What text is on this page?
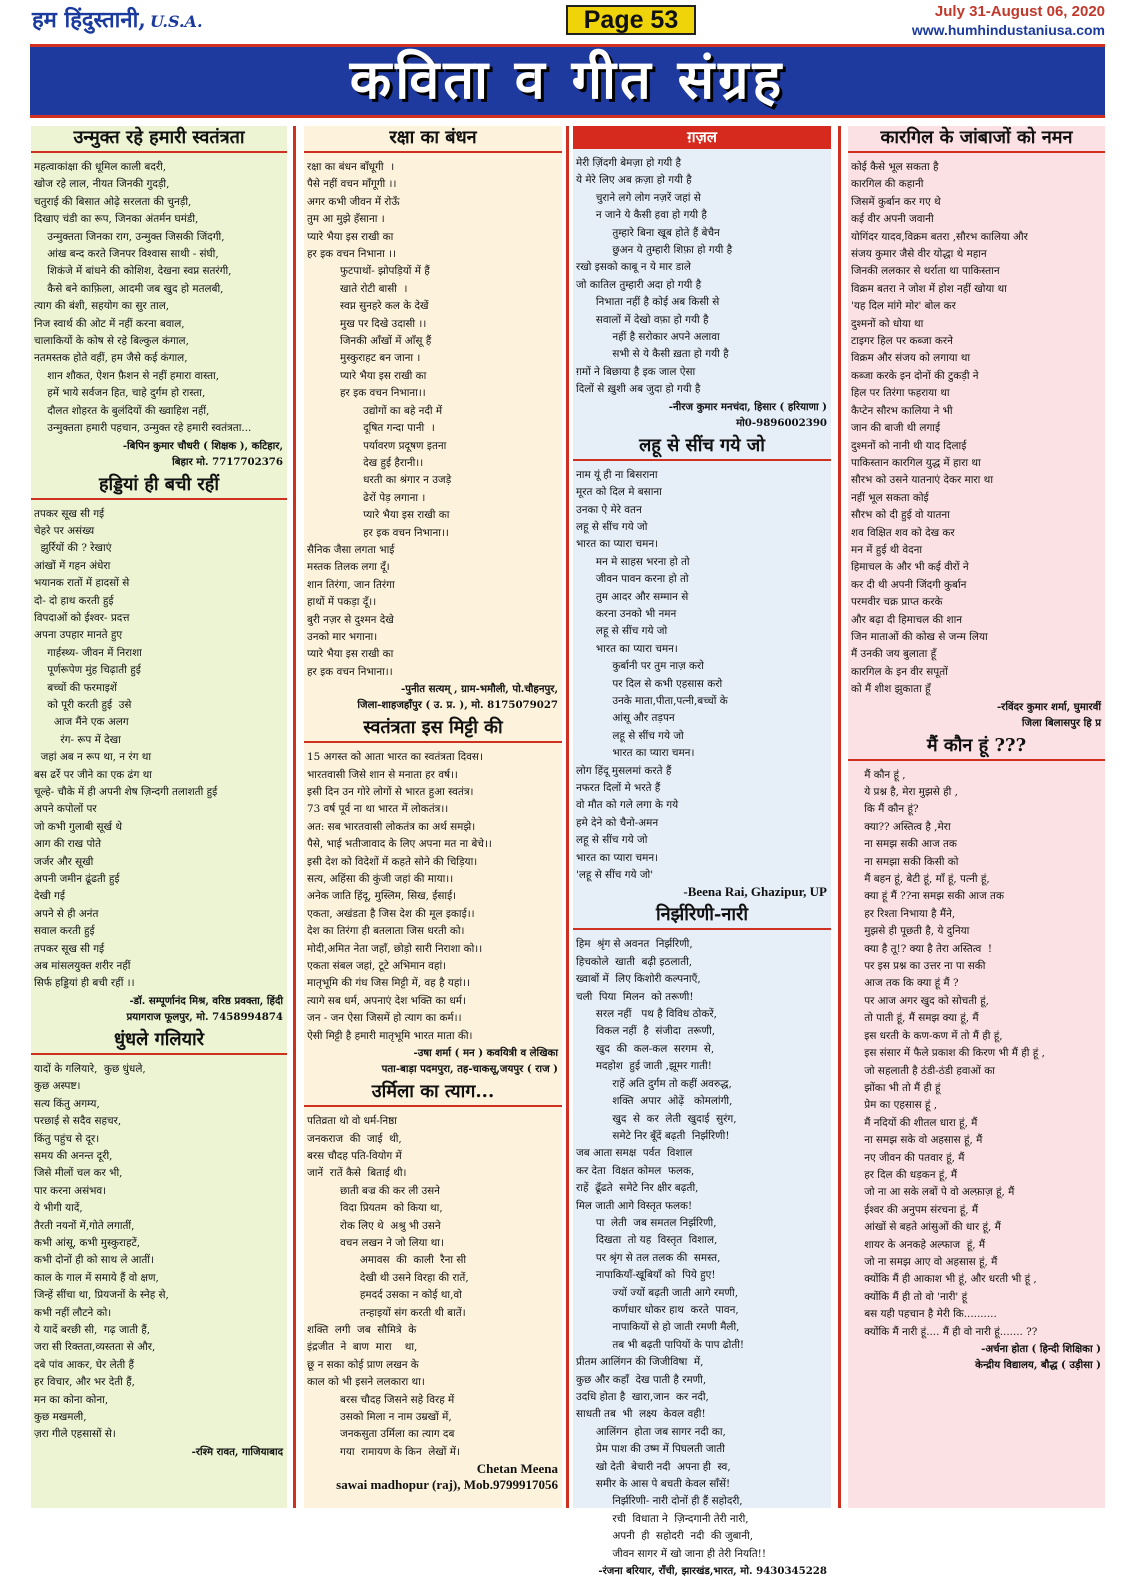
हम हिंदुस्तानी, U.S.A.	Page 53	July 31-August 06, 2020
www.humhindustaniusa.com
कविता व गीत संग्रह
उन्मुक्त रहे हमारी स्वतंत्रता
महत्वाकांक्षा की धूमिल काली बदरी,
खोज रहे लाल, नीयत जिनकी गुदड़ी,
चतुराई की बिसात ओढ़े सरलता की चुनड़ी,
दिखाए चंडी का रूप, जिनका अंतर्मन घमंडी,
उन्मुक्तता जिनका राग, उन्मुक्त जिसकी जिंदगी,
आंख बन्द करते जिनपर विश्वास साथी - संघी,
शिकंजे में बांधने की कोशिश, देखना स्वप्न सतरंगी,
कैसे बने काफ़िला, आदमी जब खुद हो मतलबी,
त्याग की बंशी, सहयोग का सुर ताल,
निज स्वार्थ की ओट में नहीं करना बवाल,
चालाकियों के कोष से रहे बिल्कुल कंगाल,
नतमस्तक होते वहीं, हम जैसे कई कंगाल,
शान शौकत, ऐशन फ़ैशन से नहीं हमारा वास्ता,
हमें भाये सर्वजन हित, चाहे दुर्गम हो रास्ता,
दौलत शोहरत के बुलंदियों की ख्वाहिश नहीं,
उन्मुक्तता हमारी पहचान, उन्मुक्त रहे हमारी स्वतंत्रता...
-बिपिन कुमार चौधरी ( शिक्षक ), कटिहार,
बिहार मो. 7717702376
हड्डियां ही बची रहीं
तपकर सूख सी गई
चेहरे पर असंख्य
झुर्रियों की ? रेखाएं
आंखों में गहन अंधेरा
भयानक रातों में हादसों से
दो- दो हाथ करती हुई
विपदाओं को ईश्वर- प्रदत्त
अपना उपहार मानते हुए
गार्हस्थ्य- जीवन में निराशा
पूर्णरूपेण मुंह चिढ़ाती हुई
बच्चों की फरमाइशें
को पूरी करती हुई  उसे
आज मैंने एक अलग
रंग- रूप में देखा
जहां अब न रूप था, न रंग था
बस ढर्रे पर जीने का एक ढंग था
चूल्हे- चौके में ही अपनी शेष ज़िन्दगी तलाशती हुई
अपने कपोलों पर
जो कभी गुलाबी सूर्ख थे
आग की राख पोते
जर्जर और सूखी
अपनी जमीन ढूंढती हुई
देखी गई
अपने से ही अनंत
सवाल करती हुई
तपकर सूख सी गई
अब मांसलयुक्त शरीर नहीं
सिर्फ हड्डियां ही बची रहीं ।।
-डॉ. सम्पूर्णानंद मिश्र, वरिष्ठ प्रवक्ता, हिंदी
प्रयागराज फूलपुर, मो. 7458994874
धुंधले गलियारे
यादों के गलियारे,  कुछ धुंधले,
कुछ अस्पष्ट।
सत्य किंतु अगम्य,
परछाई से सदैव सहचर,
किंतु पहुंच से दूर।
समय की अनन्त दूरी,
जिसे मीलों चल कर भी,
पार करना असंभव।
ये भीगी यादें,
तैरती नयनों में,गोते लगातीं,
कभी आंसू, कभी मुस्कुराहटें,
कभी दोनों ही को साथ ले आतीं।
काल के गाल में समाये हैं वो क्षण,
जिन्हें सींचा था, प्रियजनों के स्नेह से,
कभी नहीं लौटने को।
ये यादें बरछी सी,  गढ़ जाती हैं,
जरा सी रिक्तता,व्यस्तता से और,
दबे पांव आकर, घेर लेती हैं
हर विचार, और भर देती हैं,
मन का कोना कोना,
कुछ मखमली,
ज़रा गीले एहसासों से।
-रश्मि रावत, गाजियाबाद
रक्षा का बंधन
रक्षा का बंधन बाँधूगी  ।
पैसे नहीं वचन माँगूगी ।।
अगर कभी जीवन में रोऊँ
तुम आ मुझे हँसाना ।
प्यारे भैया इस राखी का
हर इक वचन निभाना ।।
फुटपाथों- झोपड़ियों में हैं
खाते रोटी बासी  ।
स्वप्न सुनहरे कल के देखें
मुख पर दिखे उदासी ।।
जिनकी आँखों में आँसू हैं
मुस्कुराहट बन जाना ।
प्यारे भैया इस राखी का
हर इक वचन निभाना।।
उद्योगों का बहे नदी में
दूषित गन्दा पानी  ।
पर्यावरण प्रदूषण इतना
देख हुई हैरानी।।
धरती का श्रंगार न उजड़े
ढेरों पेड़ लगाना ।
प्यारे भैया इस राखी का
हर इक वचन निभाना।।
सैनिक जैसा लगता भाई
मस्तक तिलक लगा दूँ।
शान तिरंगा, जान तिरंगा
हाथों में पकड़ा दूँ।।
बुरी नज़र से दुश्मन देखे
उनको मार भगाना।
प्यारे भैया इस राखी का
हर इक वचन निभाना।।
-पुनीत सत्यम् , ग्राम-भमौली, पो.चौहनपुर,
जिला-शाहजहाँपुर ( उ. प्र. ), मो. 8175079027
स्वतंत्रता इस मिट्टी की
15 अगस्त को आता भारत का स्वतंत्रता दिवस।
भारतवासी जिसे शान से मनाता हर वर्ष।।
इसी दिन उन गोरे लोगों से भारत हुआ स्वतंत्र।
73 वर्ष पूर्व ना था भारत में लोकतंत्र।।
अत: सब भारतवासी लोकतंत्र का अर्थ समझे।
पैसे, भाई भतीजावाद के लिए अपना मत ना बेचे।।
इसी देश को विदेशों में कहते सोने की चिड़िया।
सत्य, अहिंसा की कुंजी जहां की माया।।
अनेक जाति हिंदू, मुस्लिम, सिख, ईसाई।
एकता, अखंडता है जिस देश की मूल इकाई।।
देश का तिरंगा ही बतलाता जिस धरती को।
मोदी,अमित नेता जहाँ, छोड़ो सारी निराशा को।।
एकता संबल जहां, टूटे अभिमान वहां।
मातृभूमि की गंध जिस मिट्टी में, वह है यहां।।
त्यागे सब धर्म, अपनाएं देश भक्ति का धर्म।
जन - जन ऐसा जिसमें हो त्याग का कर्म।।
ऐसी मिट्टी है हमारी मातृभूमि भारत माता की।
-उषा शर्मा ( मन ) कवयित्री व लेखिका
पता-बाड़ा पदमपुरा, तह-चाकसू,जयपुर ( राज )
उर्मिला का त्याग...
पतिव्रता थो वो धर्म-निष्ठा
जनकराज  की  जाई  थी,
बरस चौदह पति-वियोग में
जानें  रातें कैसे  बिताई थी।
छाती बज्र की कर ली उसने
विदा प्रियतम  को किया था,
रोक लिए थे  अश्रु भी उसने
वचन लखन ने जो लिया था।
अमावस  की  काली  रैना सी
देखी थी उसने विरहा की रातें,
हमदर्द उसका न कोई था,वो
तन्हाइयों संग करती थी बातें।
शक्ति  लगी  जब  सौमित्रे  के
इंद्रजीत  ने  बाण  मारा    था,
छू न सका कोई प्राण लखन के
काल को भी इसने ललकारा था।
बरस चौदह जिसने सहे विरह में
उसको मिला न नाम उम्रखों में,
जनकसुता उर्मिला का त्याग दब
गया  रामायण के किन  लेखों में।
Chetan Meena
sawai madhopur (raj), Mob.9799917056
ग़ज़ल
मेरी ज़िंदगी बेमज़ा हो गयी है
ये मेरे लिए अब क़ज़ा हो गयी है
चुराने लगे लोग नज़रें जहां से
न जाने ये कैसी हवा हो गयी है
तुम्हारे बिना खूब होते हैं बेचैन
छुअन ये तुम्हारी शिफ़ा हो गयी है
रखो इसको काबू न ये मार डाले
जो कातिल तुम्हारी अदा हो गयी है
निभाता नहीं है कोई अब किसी से
सवालों में देखो वफ़ा हो गयी है
नहीं है सरोकार अपने अलावा
सभी से ये कैसी ख़ता हो गयी है
ग़मों ने बिछाया है इक जाल ऐसा
दिलों से ख़ुशी अब जुदा हो गयी है
-नीरज कुमार मनचंदा, हिसार ( हरियाणा )
मो0-9896002390
लहू से सींच गये जो
नाम यूं ही ना बिसराना
मूरत को दिल मे बसाना
उनका ऐ मेरे वतन
लहू से सींच गये जो
भारत का प्यारा चमन।
मन मे साहस भरना हो तो
जीवन पावन करना हो तो
तुम आदर और सम्मान से
करना उनको भी नमन
लहू से सींच गये जो
भारत का प्यारा चमन।
कुर्बानी पर तुम नाज़ करो
पर दिल से कभी एहसास करो
उनके माता,पीता,पत्नी,बच्चों के
आंसू और तड़पन
लहू से सींच गये जो
भारत का प्यारा चमन।
लोग हिंदू मुसलमां करते हैं
नफरत दिलों मे भरते हैं
वो मौत को गले लगा के गये
हमे देने को चैनो-अमन
लहू से सींच गये जो
भारत का प्यारा चमन।
'लहू से सींच गये जो'
-Beena Rai, Ghazipur, UP
निर्झरिणी-नारी
हिम  श्रृंग से अवनत  निर्झरिणी,
हिचकोले  खाती  बढ़ी इठलाती,
ख्वाबों में  लिए किशोरी कल्पनाएँ,
चली  पिया  मिलन  को तरूणी!
सरल नहीं   पथ है विविध ठोकरें,
विकल नहीं  है  संजीदा  तरूणी,
खुद  की  कल-कल  सरगम  से,
मदहोश  हुई जाती ,झूमर गाती!
राहें अति दुर्गम तो कहीं अवरुद्ध,
शक्ति  अपार  ओढ़ें   कोमलांगी,
खुद  से  कर  लेती  खुदाई  सुरंग,
समेटे निर बूँदें बढ़ती  निर्झरिणी!
जब आता समक्ष  पर्वत  विशाल
कर देता  विक्षत कोमल  फलक,
राहें  ढूँढते  समेटे निर क्षीर बढ़ती,
मिल जाती आगे विस्तृत फलक!
पा  लेती  जब समतल निर्झरिणी,
दिखता  तो यह  विस्तृत  विशाल,
पर श्रृंग से तल तलक की  समस्त,
नापाकियाँ-खूबियाँ को  पिये हुए!
ज्यों ज्यों बढ़ती जाती आगे रमणी,
कर्णधार धोकर हाथ  करते  पावन,
नापाकियों से हो जाती रमणी मैली,
तब भी बढ़ती पापियों के पाप ढोती!
प्रीतम आलिंगन की जिजीविषा  में,
कुछ और कहाँ  देख पाती है रमणी,
उदधि होता है  खारा,जान  कर नदी,
साधती तब  भी  लक्ष्य  केवल वही!
आलिंगन  होता जब सागर नदी का,
प्रेम पाश की उष्म में पिघलती जाती
खो देती  बेचारी नदी  अपना ही  स्व,
समीर के आस पे बचती केवल साँसें!
निर्झरिणी- नारी दोनों ही हैं सहोदरी,
रची  विधाता ने  ज़िन्दगानी तेरी नारी,
अपनी  ही  सहोदरी  नदी  की जुबानी,
जीवन सागर में खो जाना ही तेरी नियति!!
-रंजना बरियार, राँची, झारखंड,भारत, मो. 9430345228
कारगिल के जांबाजों को नमन
कोई कैसे भूल सकता है
कारगिल की कहानी
जिसमें कुर्बान कर गए थे
कई वीर अपनी जवानी
योगिंदर यादव,विक्रम बतरा ,सौरभ कालिया और
संजय कुमार जैसे वीर योद्धा थे महान
जिनकी ललकार से थर्राता था पाकिस्तान
विक्रम बतरा ने जोश में होश नहीं खोया था
'यह दिल मांगे मोर' बोल कर
दुश्मनों को धोया था
टाइगर हिल पर कब्जा करने
विक्रम और संजय को लगाया था
कब्जा करके इन दोनों की टुकड़ी ने
हिल पर तिरंगा फहराया था
कैप्टेन सौरभ कालिया ने भी
जान की बाजी थी लगाई
दुश्मनों को नानी थी याद दिलाई
पाकिस्तान कारगिल युद्ध में हारा था
सौरभ को उसने यातनाएं देकर मारा था
नहीं भूल सकता कोई
सौरभ को दी हुई वो यातना
शव विक्षित शव को देख कर
मन में हुई थी वेदना
हिमाचल के और भी कई वीरों ने
कर दी थी अपनी जिंदगी कुर्बान
परमवीर चक्र प्राप्त करके
और बढ़ा दी हिमाचल की शान
जिन माताओं की कोख से जन्म लिया
मैं उनकी जय बुलाता हूँ
कारगिल के इन वीर सपूतों
को मैं शीश झुकाता हूँ
-रविंदर कुमार शर्मा, घुमारवीं
जिला बिलासपुर हि प्र
मैं कौन हूं ???
मैं कौन हूं ,
ये प्रश्न है, मेरा मुझसे ही ,
कि मैं कौन हूं?
क्या?? अस्तित्व है ,मेरा
ना समझ सकी आज तक
ना समझा सकी किसी को
मैं बहन हूं, बेटी हूं, माँ हूं, पत्नी हूं,
क्या हूं मैं ??ना समझ सकी आज तक
हर रिश्ता निभाया है मैंने,
मुझसे ही पूछती है, ये दुनिया
क्या है तू!? क्या है तेरा अस्तित्व  !
पर इस प्रश्न का उत्तर ना पा सकी
आज तक कि क्या हूं मैं ?
पर आज अगर खुद को सोचती हूं,
तो पाती हूं, मैं समझ क्या हूं, मैं
इस धरती के कण-कण में तो मैं ही हूं,
इस संसार में फैले प्रकाश की किरण भी मैं ही हूं ,
जो सहलाती है ठंडी-ठंडी हवाओं का
झोंका भी तो मैं ही हूं
प्रेम का एहसास हूं ,
मैं नदियों की शीतल धारा हूं, मैं
ना समझ सके वो अहसास हूं, मैं
नए जीवन की पतवार हूं, मैं
हर दिल की धड़कन हूं, मैं
जो ना आ सके लबों पे वो अल्फ़ाज़ हूं, मैं
ईश्वर की अनुपम संरचना हूं, मैं
आंखों से बहते आंसुओं की धार हूं, मैं
शायर के अनकहे अल्फाज  हूं, मैं
जो ना समझ आए वो अहसास हूं, मैं
क्योंकि मैं ही आकाश भी हूं, और धरती भी हूं ,
क्योंकि मैं ही तो वो 'नारी' हूं
बस यही पहचान है मेरी कि..........
क्योंकि मैं नारी हूं.... मैं ही वो नारी हूं....... ??
-अर्चना होता ( हिन्दी शिक्षिका )
केन्द्रीय विद्यालय, बौद्ध ( उड़ीसा )
